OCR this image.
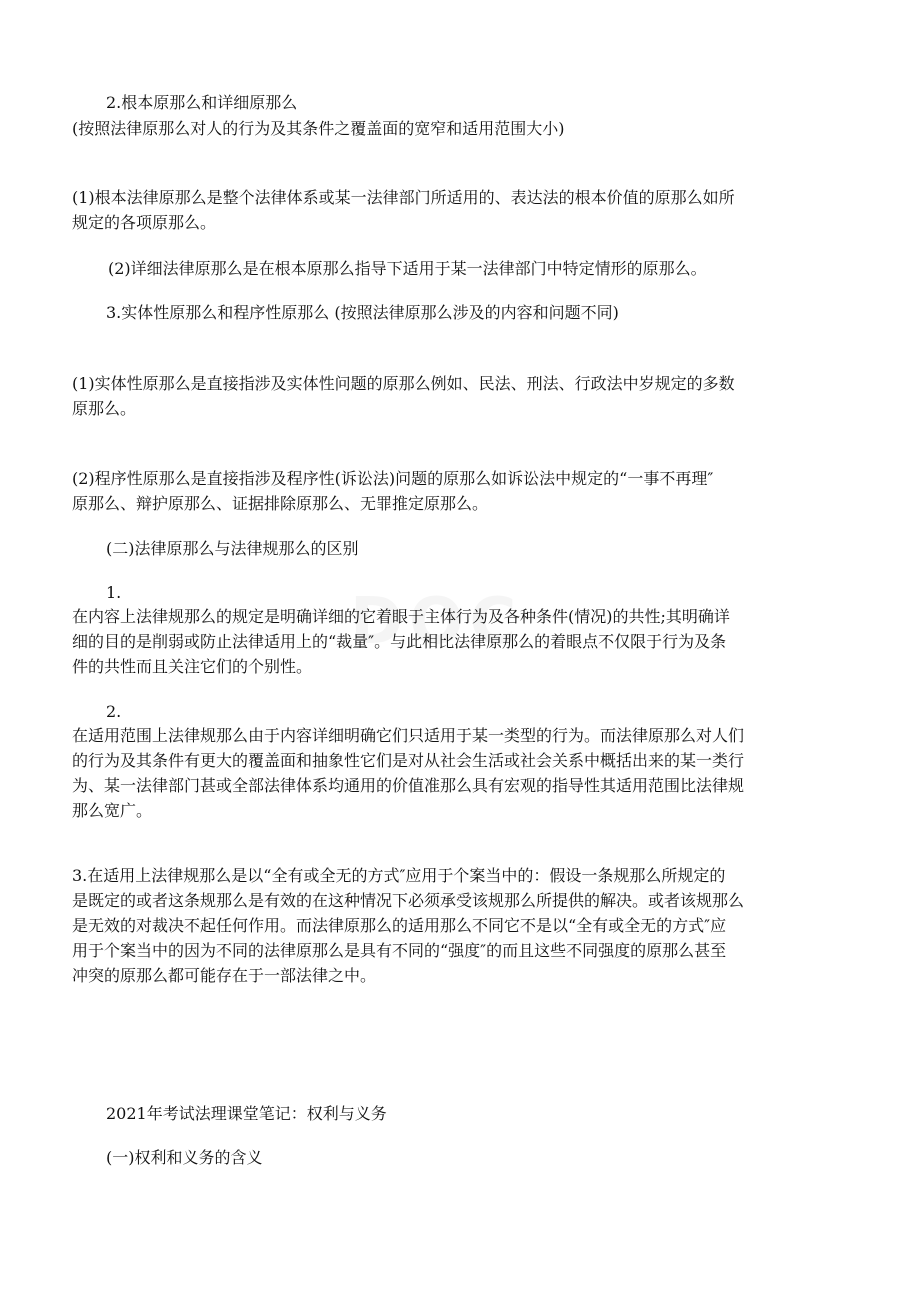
2.根本原那么和详细原那么

(按照法律原那么对人的行为及其条件之覆盖面的宽窄和适用范围大小)

(1)根本法律原那么是整个法律体系或某一法律部门所适用的、表达法的根本价值的原那么如所

规定的各项原那么。

(2)详细法律原那么是在根本原那么指导下适用于某一法律部门中特定情形的原那么。

3.实体性原那么和程序性原那么 (按照法律原那么涉及的内容和问题不同)

(1)实体性原那么是直接指涉及实体性问题的原那么例如、民法、刑法、行政法中岁规定的多数

原那么。

(2)程序性原那么是直接指涉及程序性(诉讼法)问题的原那么如诉讼法中规定的“一事不再理″

原那么、辩护原那么、证据排除原那么、无罪推定原那么。

(二)法律原那么与法律规那么的区别

1.

在内容上法律规那么的规定是明确详细的它着眼于主体行为及各种条件(情况)的共性;其明确详

细的目的是削弱或防止法律适用上的“裁量″。与此相比法律原那么的着眼点不仅限于行为及条

件的共性而且关注它们的个别性。

2.

在适用范围上法律规那么由于内容详细明确它们只适用于某一类型的行为。而法律原那么对人们

的行为及其条件有更大的覆盖面和抽象性它们是对从社会生活或社会关系中概括出来的某一类行

为、某一法律部门甚或全部法律体系均通用的价值准那么具有宏观的指导性其适用范围比法律规

那么宽广。

3.在适用上法律规那么是以“全有或全无的方式″应用于个案当中的：假设一条规那么所规定的

是既定的或者这条规那么是有效的在这种情况下必须承受该规那么所提供的解决。或者该规那么

是无效的对裁决不起任何作用。而法律原那么的适用那么不同它不是以“全有或全无的方式″应

用于个案当中的因为不同的法律原那么是具有不同的“强度″的而且这些不同强度的原那么甚至

冲突的原那么都可能存在于一部法律之中。

2021年考试法理课堂笔记：权利与义务

(一)权利和义务的含义
